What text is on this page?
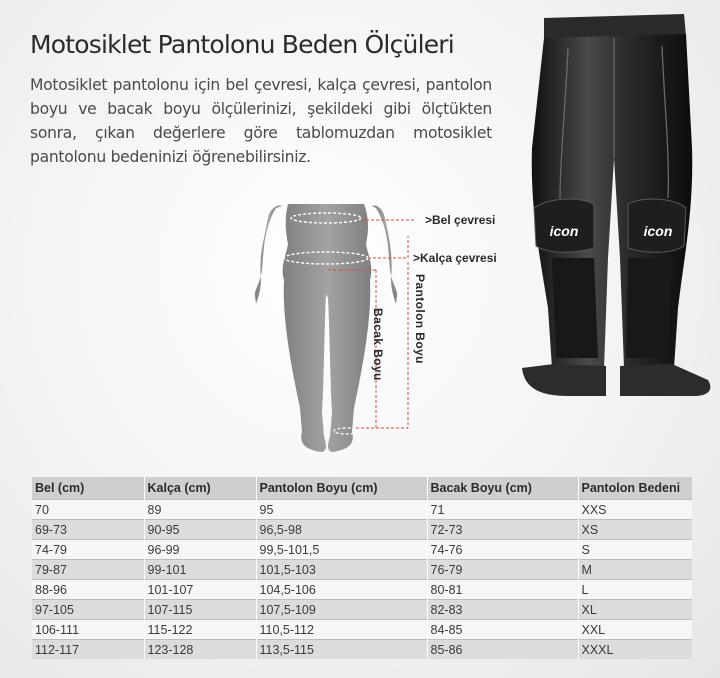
Motosiklet Pantolonu Beden Ölçüleri

Motosiklet pantolonu için bel çevresi, kalça çevresi, pantolon boyu ve bacak boyu ölçülerinizi, şekildeki gibi ölçtükten sonra, çıkan değerlere göre tablomuzdan motosiklet pantolonu bedeninizi öğrenebilirsiniz.

>Bel çevresi
>Kalça çevresi
Pantolon Boyu
Bacak Boyu
icon	icon
Bel (cm)	Kalça (cm)	Pantolon Boyu (cm)	Bacak Boyu (cm)	Pantolon Bedeni
70	89	95	71	XXS
69-73	90-95	96,5-98	72-73	XS
74-79	96-99	99,5-101,5	74-76	S
79-87	99-101	101,5-103	76-79	M
88-96	101-107	104,5-106	80-81	L
97-105	107-115	107,5-109	82-83	XL
106-111	115-122	110,5-112	84-85	XXL
112-117	123-128	113,5-115	85-86	XXXL
